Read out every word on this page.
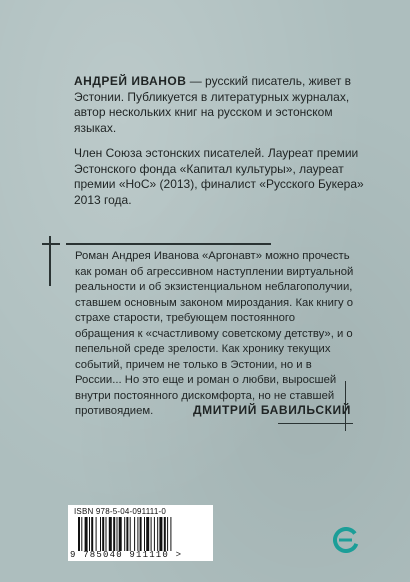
АНДРЕЙ ИВАНОВ — русский писатель, живет в Эстонии. Публикуется в литературных журналах, автор нескольких книг на русском и эстонском языках.

Член Союза эстонских писателей. Лауреат премии Эстонского фонда «Капитал культуры», лауреат премии «НоС» (2013), финалист «Русского Букера» 2013 года.

Роман Андрея Иванова «Аргонавт» можно прочесть как роман об агрессивном наступлении виртуальной реальности и об экзистенциальном неблагополучии, ставшем основным законом мироздания. Как книгу о страхе старости, требующем постоянного обращения к «счастливому советскому детству», и о пепельной среде зрелости. Как хронику текущих событий, причем не только в Эстонии, но и в России... Но это еще и роман о любви, выросшей внутри постоянного дискомфорта, но не ставшей противоядием.	ДМИТРИЙ БАВИЛЬСКИЙ
ISBN 978-5-04-091111-0
9 785040 911110 >
